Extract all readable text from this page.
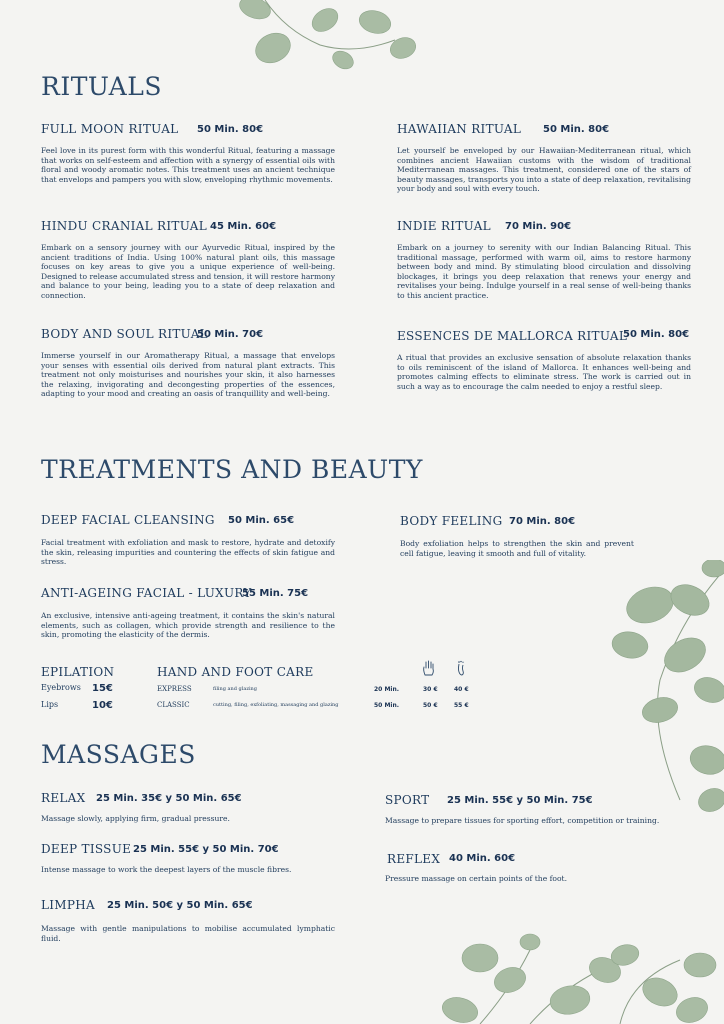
RITUALS
FULL MOON RITUAL 50 Min. 80€

Feel love in its purest form with this wonderful Ritual, featuring a massage that works on self-esteem and affection with a synergy of essential oils with floral and woody aromatic notes. This treatment uses an ancient technique that envelops and pampers you with slow, enveloping rhythmic movements.

HINDU CRANIAL RITUAL 45 Min. 60€

Embark on a sensory journey with our Ayurvedic Ritual, inspired by the ancient traditions of India. Using 100% natural plant oils, this massage focuses on key areas to give you a unique experience of well-being. Designed to release accumulated stress and tension, it will restore harmony and balance to your being, leading you to a state of deep relaxation and connection.

BODY AND SOUL RITUAL
50 Min. 70€

Immerse yourself in our Aromatherapy Ritual, a massage that envelops your senses with essential oils derived from natural plant extracts. This treatment not only moisturises and nourishes your skin, it also harnesses the relaxing, invigorating and decongesting properties of the essences, adapting to your mood and creating an oasis of tranquillity and well-being.

HAWAIIAN RITUAL 50 Min. 80€

Let yourself be enveloped by our Hawaiian-Mediterranean ritual, which combines ancient Hawaiian customs with the wisdom of traditional Mediterranean massages. This treatment, considered one of the stars of beauty massages, transports you into a state of deep relaxation, revitalising your body and soul with every touch.

INDIE RITUAL 70 Min. 90€

Embark on a journey to serenity with our Indian Balancing Ritual. This traditional massage, performed with warm oil, aims to restore harmony between body and mind. By stimulating blood circulation and dissolving blockages, it brings you deep relaxation that renews your energy and revitalises your being. Indulge yourself in a real sense of well-being thanks to this ancient practice.

ESSENCES DE MALLORCA RITUAL
50 Min. 80€

A ritual that provides an exclusive sensation of absolute relaxation thanks to oils reminiscent of the island of Mallorca. It enhances well-being and promotes calming effects to eliminate stress. The work is carried out in such a way as to encourage the calm needed to enjoy a restful sleep.

TREATMENTS AND BEAUTY
DEEP FACIAL CLEANSING 50 Min. 65€

Facial treatment with exfoliation and mask to restore, hydrate and detoxify the skin, releasing impurities and countering the effects of skin fatigue and stress.

ANTI-AGEING FACIAL - LUXURY
55 Min. 75€

An exclusive, intensive anti-ageing treatment, it contains the skin's natural elements, such as collagen, which provide strength and resilience to the skin, promoting the elasticity of the dermis.

BODY FEELING 70 Min. 80€

Body exfoliation helps to strengthen the skin and prevent cell fatigue, leaving it smooth and full of vitality.

EPILATION
Eyebrows 15€
Lips	10€
HAND AND FOOT CARE
EXPRESS	filing and glazing	20 Min.	30 €	40 €
CLASSIC	cutting, filing, exfoliating, massaging and glazing	50 Min.	50 €	55 €
MASSAGES
RELAX 25 Min. 35€ y 50 Min. 65€

Massage slowly, applying firm, gradual pressure.

DEEP TISSUE 25 Min. 55€ y 50 Min. 70€

Intense massage to work the deepest layers of the muscle fibres.

LIMPHA 25 Min. 50€ y 50 Min. 65€

Massage with gentle manipulations to mobilise accumulated lymphatic fluid.

SPORT 25 Min. 55€ y 50 Min. 75€

Massage to prepare tissues for sporting effort, competition or training.

REFLEX 40 Min. 60€

Pressure massage on certain points of the foot.
